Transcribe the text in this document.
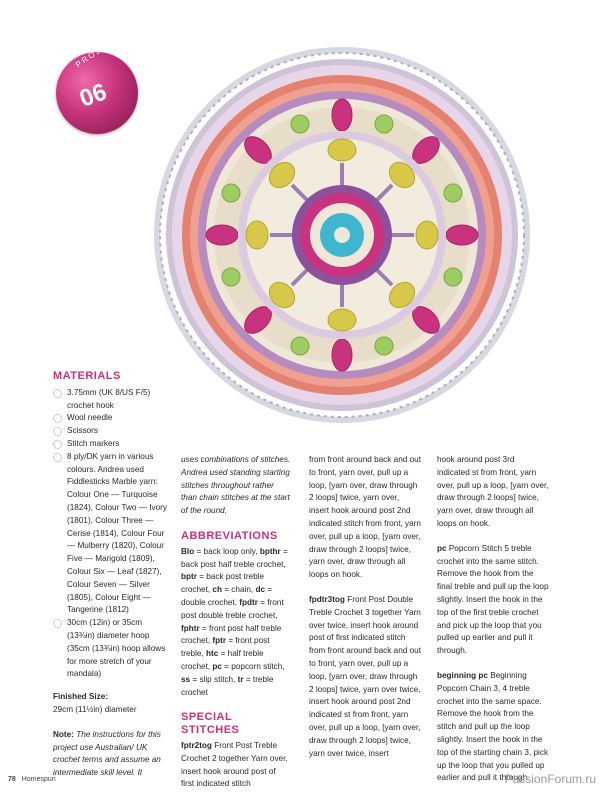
PROJECT
06
MATERIALS
3.75mm (UK 8/US F/5) crochet hook
Wool needle
Scissors
Stitch markers
8 ply/DK yarn in various colours. Andrea used Fiddlesticks Marble yarn: Colour One — Turquoise (1824), Colour Two — Ivory (1801), Colour Three — Cerise (1814), Colour Four — Mulberry (1820), Colour Five — Marigold (1809), Colour Six — Leaf (1827), Colour Seven — Silver (1805), Colour Eight — Tangerine (1812)
30cm (12in) or 35cm (13¾in) diameter hoop (35cm (13¾in) hoop allows for more stretch of your mandala)

Finished Size:

29cm (11½in) diameter

Note: The instructions for this project use Australian/ UK crochet terms and assume an intermediate skill level. It

uses combinations of stitches. Andrea used standing starting stitches throughout rather than chain stitches at the start of the round.

ABBREVIATIONS

Blo = back loop only, bpthr = back post half treble crochet, bptr = back post treble crochet, ch = chain, dc = double crochet, fpdtr = front post double treble crochet, fphtr = front post half treble crochet, fptr = front post treble, htc = half treble crochet, pc = popcorn stitch, ss = slip stitch, tr = treble crochet

SPECIAL STITCHES

fptr2tog Front Post Treble Crochet 2 together Yarn over, insert hook around post of first indicated stitch

from front around back and out to front, yarn over, pull up a loop, [yarn over, draw through 2 loops] twice, yarn over, insert hook around post 2nd indicated stitch from front, yarn over, pull up a loop, [yarn over, draw through 2 loops] twice, yarn over, draw through all loops on hook.

fpdtr3tog Front Post Double Treble Crochet 3 together Yarn over twice, insert hook around post of first indicated stitch from front around back and out to front, yarn over, pull up a loop, [yarn over, draw through 2 loops] twice, yarn over twice, insert hook around post 2nd indicated st from front, yarn over, pull up a loop, [yarn over, draw through 2 loops] twice, yarn over twice, insert

hook around post 3rd indicated st from front, yarn over, pull up a loop, [yarn over, draw through 2 loops] twice, yarn over, draw through all loops on hook.

pc Popcorn Stitch 5 treble crochet into the same stitch. Remove the hook from the final treble and pull up the loop slightly. Insert the hook in the top of the first treble crochet and pick up the loop that you pulled up earlier and pull it through.

beginning pc Beginning Popcorn Chain 3, 4 treble crochet into the same space. Remove the hook from the stitch and pull up the loop slightly. Insert the hook in the top of the starting chain 3, pick up the loop that you pulled up earlier and pull it through.

78 Homespun	PassionForum.ru
